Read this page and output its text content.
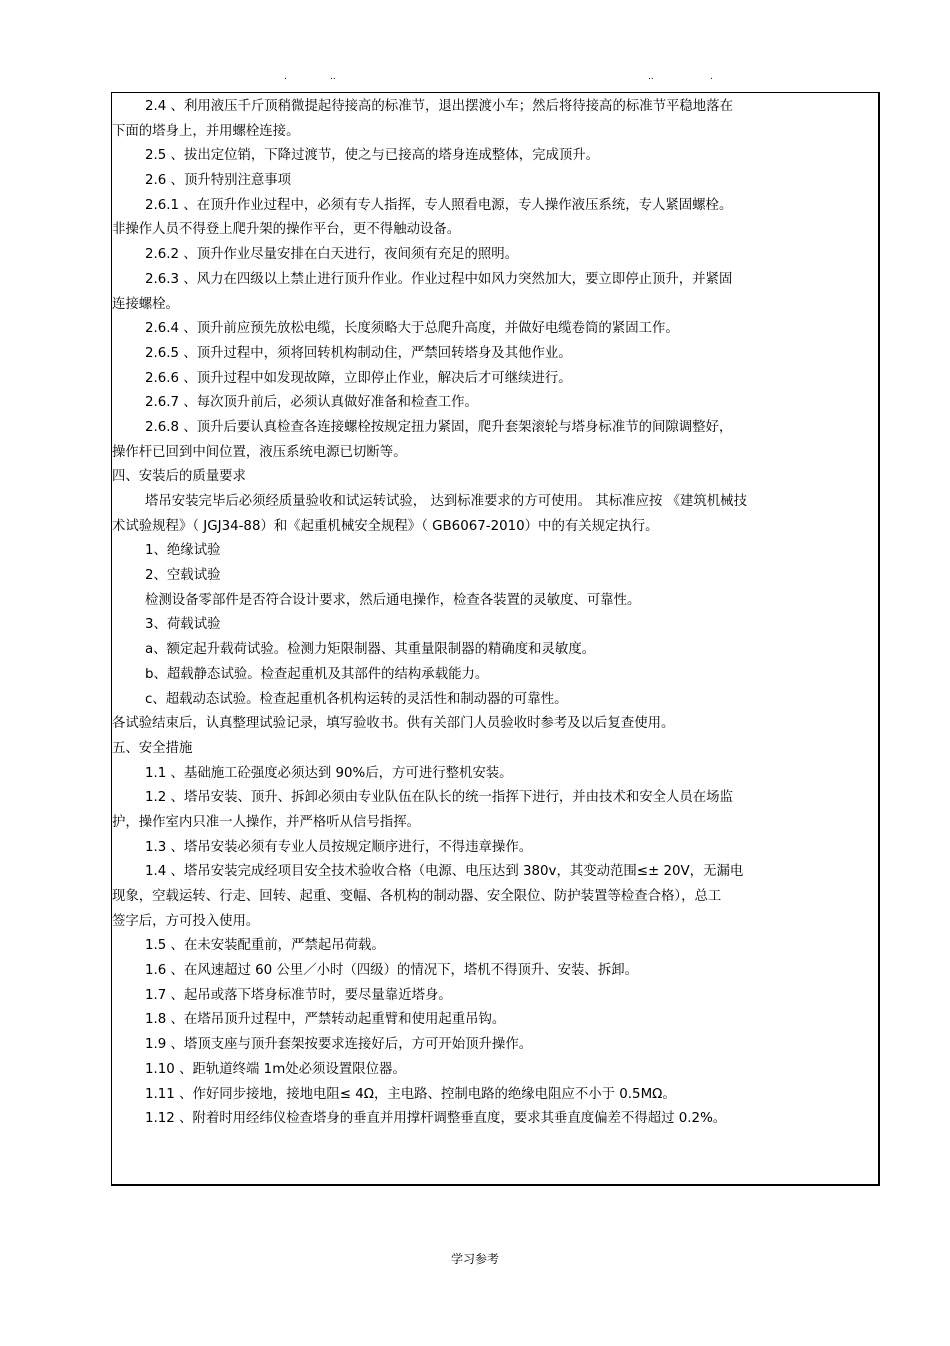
.	..	..	.
2.4 、利用液压千斤顶稍微提起待接高的标准节，退出摆渡小车；然后将待接高的标准节平稳地落在
下面的塔身上，并用螺栓连接。
2.5 、拔出定位销，下降过渡节，使之与已接高的塔身连成整体，完成顶升。
2.6 、顶升特别注意事项
2.6.1 、在顶升作业过程中，必须有专人指挥，专人照看电源，专人操作液压系统，专人紧固螺栓。
非操作人员不得登上爬升架的操作平台，更不得触动设备。
2.6.2 、顶升作业尽量安排在白天进行，夜间须有充足的照明。
2.6.3 、风力在四级以上禁止进行顶升作业。作业过程中如风力突然加大，要立即停止顶升，并紧固
连接螺栓。
2.6.4 、顶升前应预先放松电缆，长度须略大于总爬升高度，并做好电缆卷筒的紧固工作。
2.6.5 、顶升过程中，须将回转机构制动住，严禁回转塔身及其他作业。
2.6.6 、顶升过程中如发现故障，立即停止作业，解决后才可继续进行。
2.6.7 、每次顶升前后，必须认真做好准备和检查工作。
2.6.8 、顶升后要认真检查各连接螺栓按规定扭力紧固，爬升套架滚轮与塔身标准节的间隙调整好，
操作杆已回到中间位置，液压系统电源已切断等。
四、安装后的质量要求
塔吊安装完毕后必须经质量验收和试运转试验， 达到标准要求的方可使用。 其标准应按 《建筑机械技
术试验规程》（ JGJ34-88）和《起重机械安全规程》（ GB6067-2010）中的有关规定执行。
1、绝缘试验
2、空载试验
检测设备零部件是否符合设计要求，然后通电操作，检查各装置的灵敏度、可靠性。
3、荷载试验
a、额定起升载荷试验。检测力矩限制器、其重量限制器的精确度和灵敏度。
b、超载静态试验。检查起重机及其部件的结构承载能力。
c、超载动态试验。检查起重机各机构运转的灵活性和制动器的可靠性。
各试验结束后，认真整理试验记录，填写验收书。供有关部门人员验收时参考及以后复查使用。
五、安全措施
1.1 、基础施工砼强度必须达到 90%后，方可进行整机安装。
1.2 、塔吊安装、顶升、拆卸必须由专业队伍在队长的统一指挥下进行，并由技术和安全人员在场监
护，操作室内只准一人操作，并严格听从信号指挥。
1.3 、塔吊安装必须有专业人员按规定顺序进行，不得违章操作。
1.4 、塔吊安装完成经项目安全技术验收合格（电源、电压达到 380v，其变动范围≤± 20V，无漏电
现象，空载运转、行走、回转、起重、变幅、各机构的制动器、安全限位、防护装置等检查合格），总工
签字后，方可投入使用。
1.5 、在未安装配重前，严禁起吊荷载。
1.6 、在风速超过 60 公里／小时（四级）的情况下，塔机不得顶升、安装、拆卸。
1.7 、起吊或落下塔身标准节时，要尽量靠近塔身。
1.8 、在塔吊顶升过程中，严禁转动起重臂和使用起重吊钩。
1.9 、塔顶支座与顶升套架按要求连接好后，方可开始顶升操作。
1.10 、距轨道终端 1m处必须设置限位器。
1.11 、作好同步接地，接地电阻≤ 4Ω，主电路、控制电路的绝缘电阻应不小于 0.5MΩ。
1.12 、附着时用经纬仪检查塔身的垂直并用撑杆调整垂直度，要求其垂直度偏差不得超过 0.2%。
学习参考
